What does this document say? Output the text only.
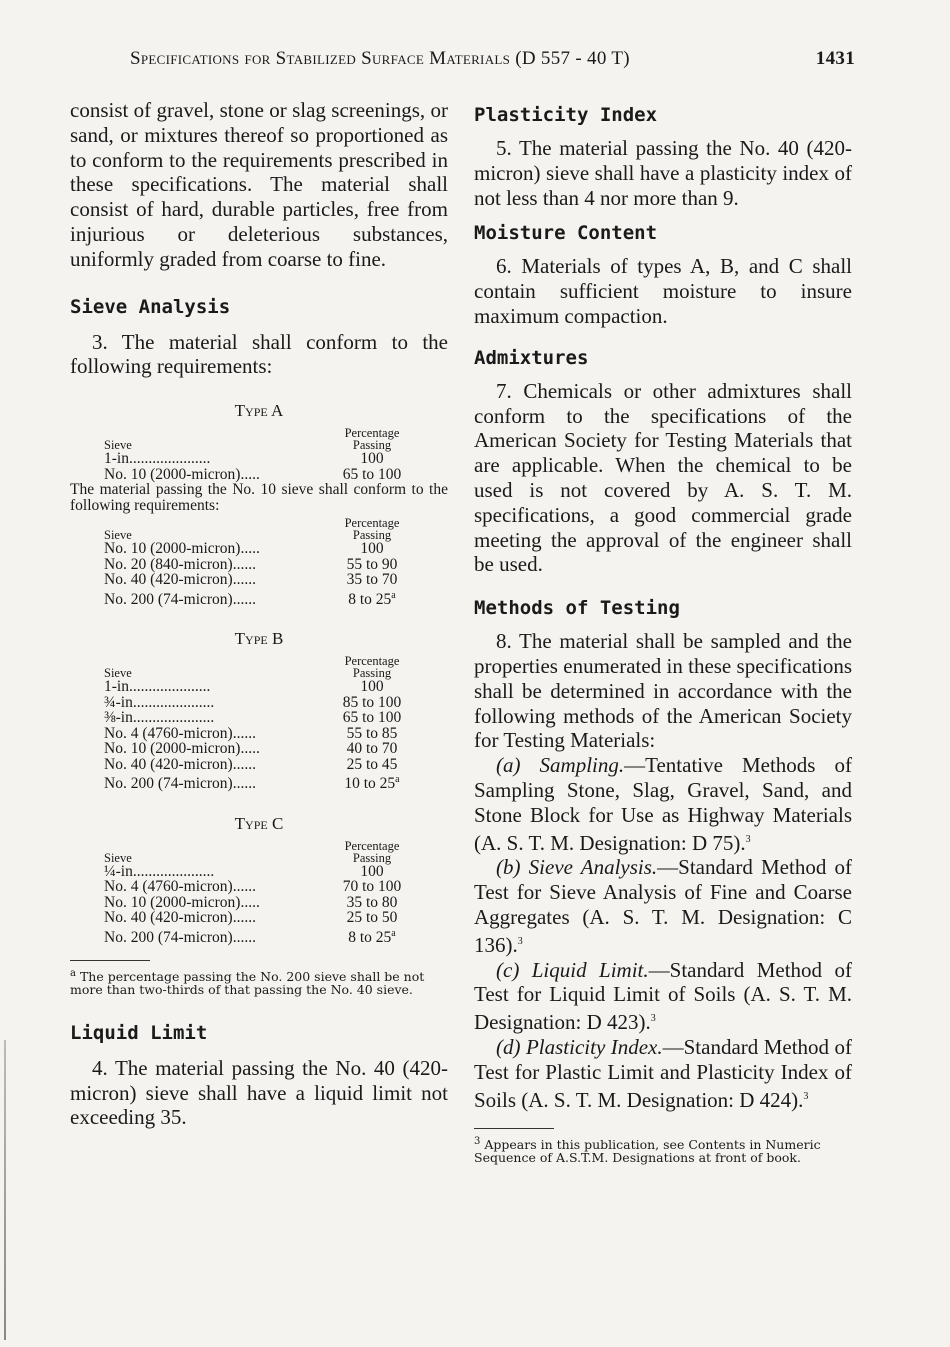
Specifications for Stabilized Surface Materials (D 557 - 40 T)	1431

consist of gravel, stone or slag screenings, or sand, or mixtures thereof so proportioned as to conform to the requirements prescribed in these specifications. The material shall consist of hard, durable particles, free from injurious or deleterious substances, uniformly graded from coarse to fine.

Sieve Analysis

3. The material shall conform to the following requirements:

Type A
Sieve	Percentage
Passing
1-in.....................	100
No. 10 (2000-micron).....	65 to 100

The material passing the No. 10 sieve shall conform to the following requirements:

Sieve	Percentage
Passing
No. 10 (2000-micron).....	100
No. 20 (840-micron)......	55 to 90
No. 40 (420-micron)......	35 to 70
No. 200 (74-micron)......	8 to 25$^a$
Type B
Sieve	Percentage
Passing
1-in.....................	100
¾-in.....................	85 to 100
⅜-in.....................	65 to 100
No. 4 (4760-micron)......	55 to 85
No. 10 (2000-micron).....	40 to 70
No. 40 (420-micron)......	25 to 45
No. 200 (74-micron)......	10 to 25$^a$
Type C
Sieve	Percentage
Passing
¼-in.....................	100
No. 4 (4760-micron)......	70 to 100
No. 10 (2000-micron).....	35 to 80
No. 40 (420-micron)......	25 to 50
No. 200 (74-micron)......	8 to 25$^a$
$^a$ The percentage passing the No. 200 sieve shall be not more than two-thirds of that passing the No. 40 sieve.
Liquid Limit

4. The material passing the No. 40 (420-micron) sieve shall have a liquid limit not exceeding 35.

Plasticity Index

5. The material passing the No. 40 (420-micron) sieve shall have a plasticity index of not less than 4 nor more than 9.

Moisture Content

6. Materials of types A, B, and C shall contain sufficient moisture to insure maximum compaction.

Admixtures

7. Chemicals or other admixtures shall conform to the specifications of the American Society for Testing Materials that are applicable. When the chemical to be used is not covered by A. S. T. M. specifications, a good commercial grade meeting the approval of the engineer shall be used.

Methods of Testing

8. The material shall be sampled and the properties enumerated in these specifications shall be determined in accordance with the following methods of the American Society for Testing Materials:

(a) Sampling.—Tentative Methods of Sampling Stone, Slag, Gravel, Sand, and Stone Block for Use as Highway Materials (A. S. T. M. Designation: D 75).$^3$

(b) Sieve Analysis.—Standard Method of Test for Sieve Analysis of Fine and Coarse Aggregates (A. S. T. M. Designation: C 136).$^3$

(c) Liquid Limit.—Standard Method of Test for Liquid Limit of Soils (A. S. T. M. Designation: D 423).$^3$

(d) Plasticity Index.—Standard Method of Test for Plastic Limit and Plasticity Index of Soils (A. S. T. M. Designation: D 424).$^3$

$^3$ Appears in this publication, see Contents in Numeric Sequence of A.S.T.M. Designations at front of book.
